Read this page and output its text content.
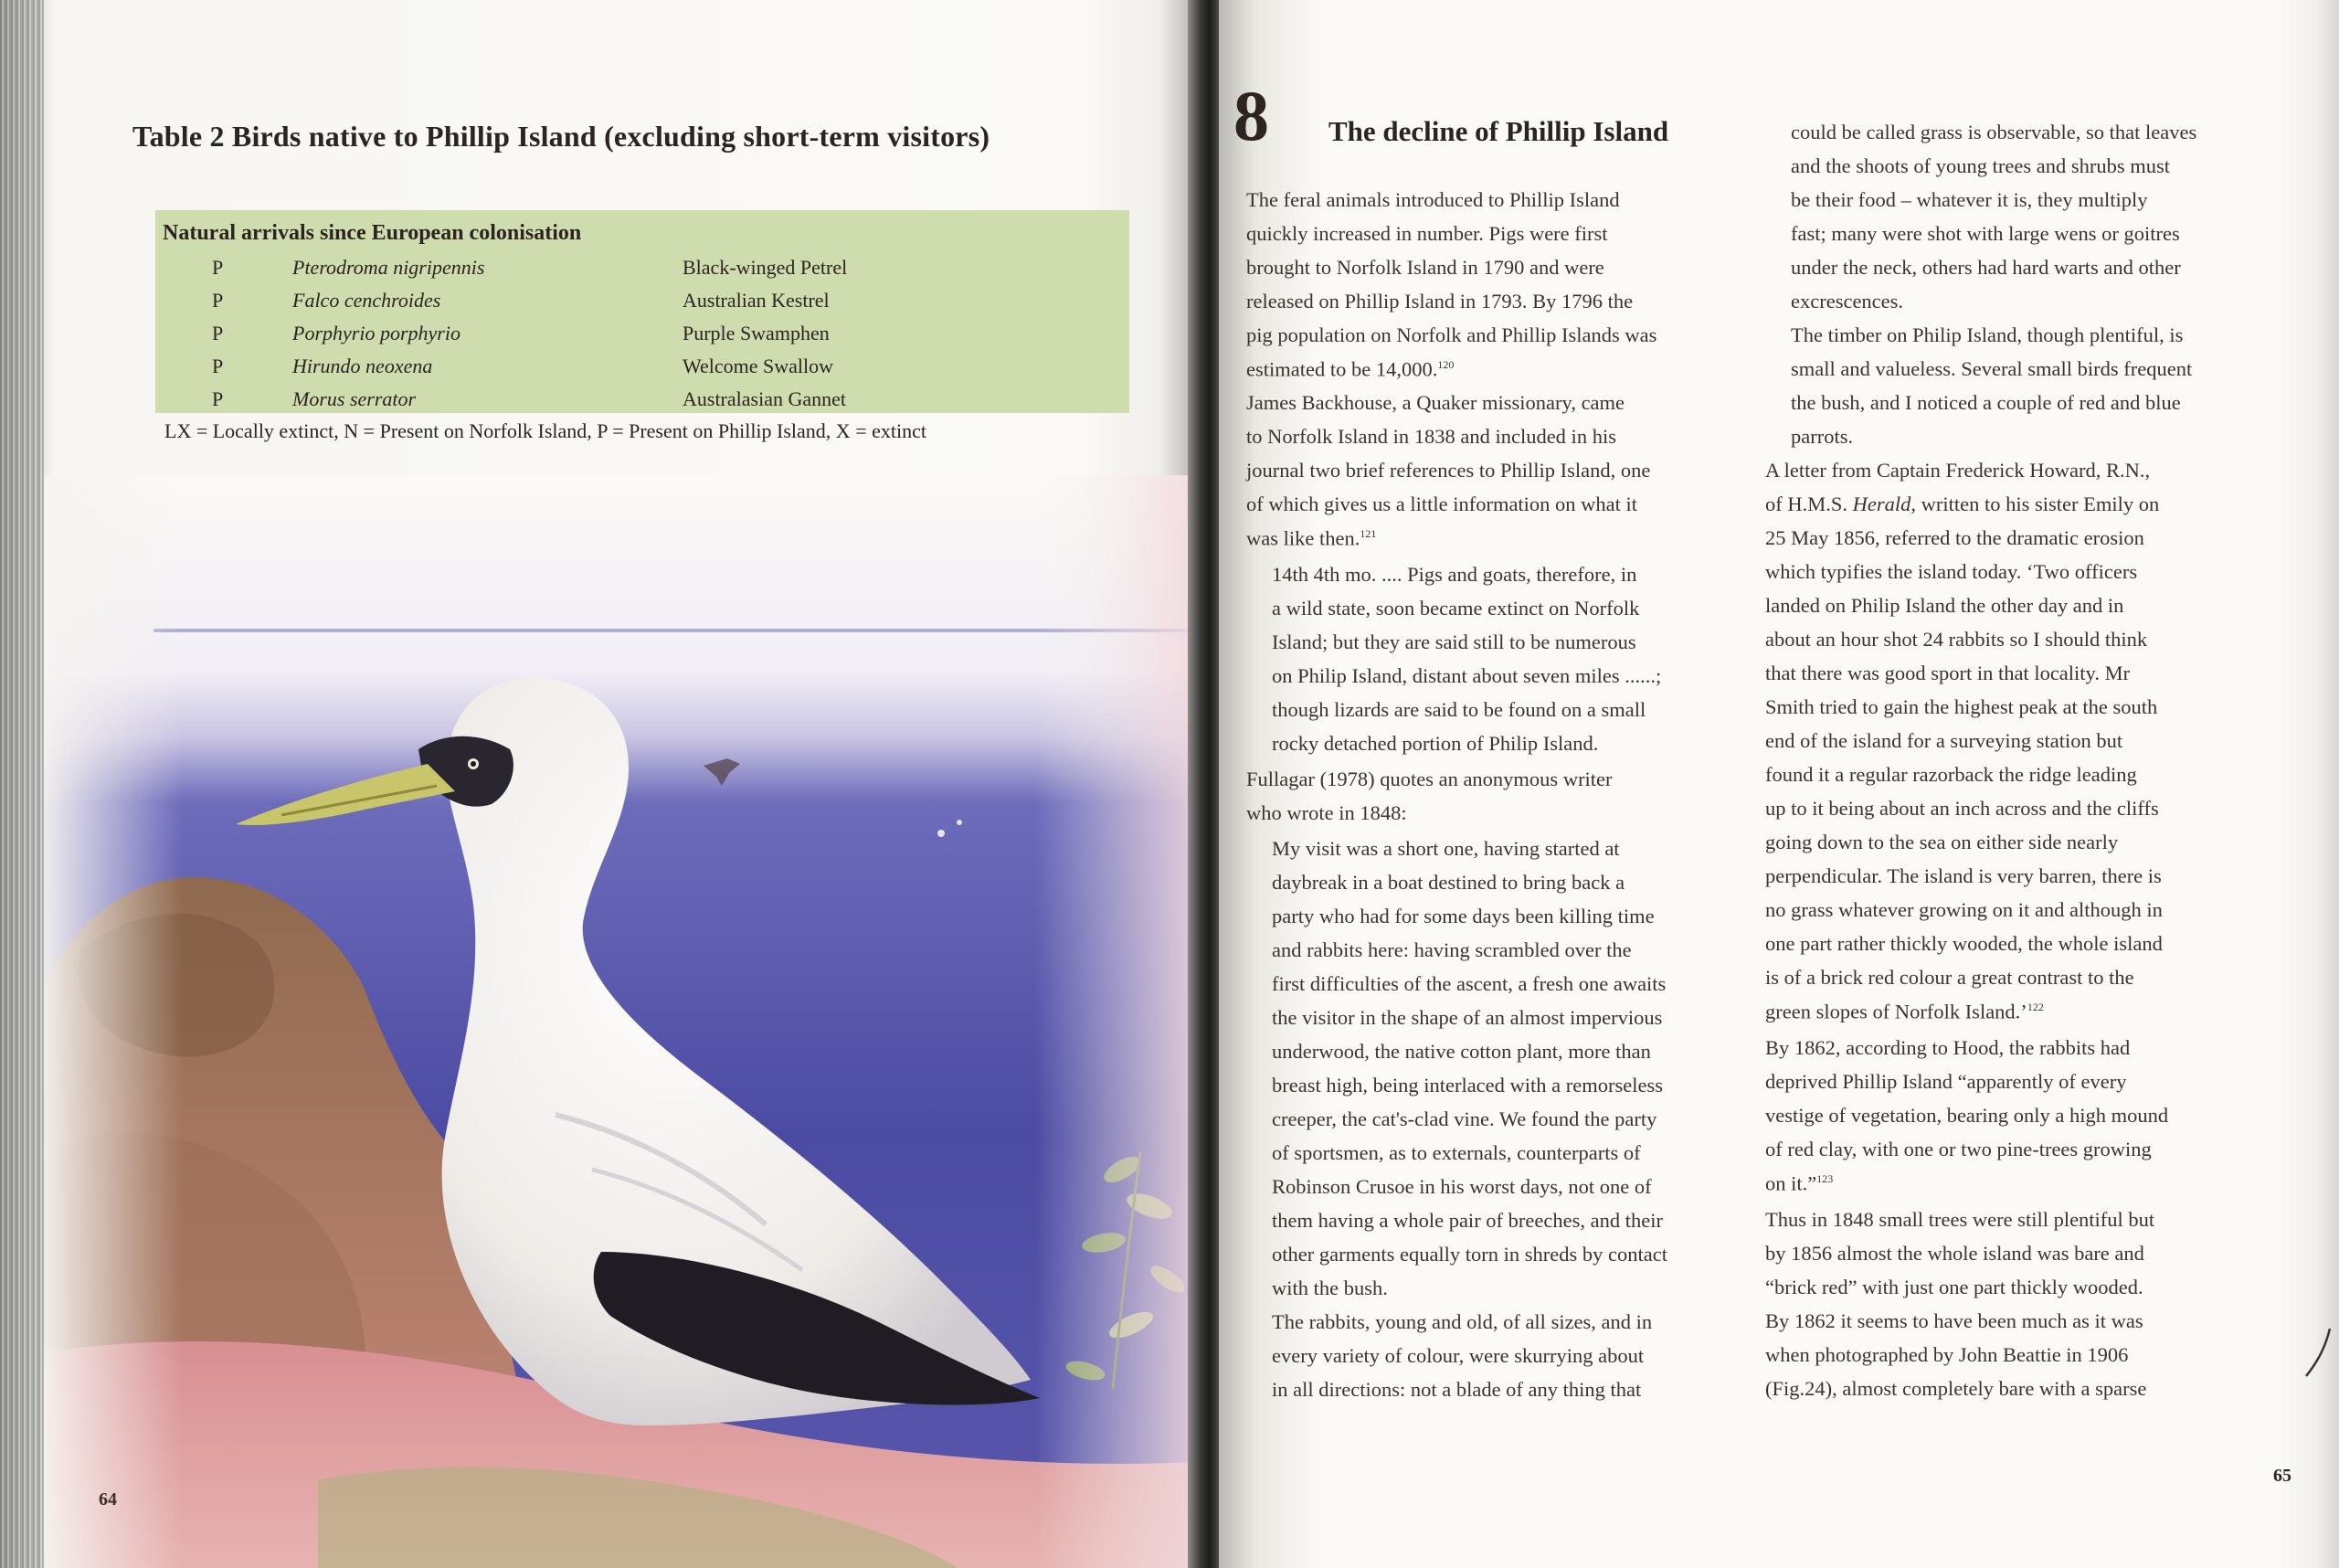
Table 2 Birds native to Phillip Island (excluding short-term visitors)
Natural arrivals since European colonisation
P	Pterodroma nigripennis	Black-winged Petrel
P	Falco cenchroides	Australian Kestrel
P	Porphyrio porphyrio	Purple Swamphen
P	Hirundo neoxena	Welcome Swallow
P	Morus serrator	Australasian Gannet
LX = Locally extinct, N = Present on Norfolk Island, P = Present on Phillip Island, X = extinct
64
8 The decline of Phillip Island
The feral animals introduced to Phillip Island
quickly increased in number. Pigs were first
brought to Norfolk Island in 1790 and were
released on Phillip Island in 1793. By 1796 the
pig population on Norfolk and Phillip Islands was
estimated to be 14,000.$^{120}$
James Backhouse, a Quaker missionary, came
to Norfolk Island in 1838 and included in his
journal two brief references to Phillip Island, one
of which gives us a little information on what it
was like then.$^{121}$
14th 4th mo. .... Pigs and goats, therefore, in
a wild state, soon became extinct on Norfolk
Island; but they are said still to be numerous
on Philip Island, distant about seven miles ......;
though lizards are said to be found on a small
rocky detached portion of Philip Island.
Fullagar (1978) quotes an anonymous writer
who wrote in 1848:
My visit was a short one, having started at
daybreak in a boat destined to bring back a
party who had for some days been killing time
and rabbits here: having scrambled over the
first difficulties of the ascent, a fresh one awaits
the visitor in the shape of an almost impervious
underwood, the native cotton plant, more than
breast high, being interlaced with a remorseless
creeper, the cat's-clad vine. We found the party
of sportsmen, as to externals, counterparts of
Robinson Crusoe in his worst days, not one of
them having a whole pair of breeches, and their
other garments equally torn in shreds by contact
with the bush.
The rabbits, young and old, of all sizes, and in
every variety of colour, were skurrying about
in all directions: not a blade of any thing that
could be called grass is observable, so that leaves
and the shoots of young trees and shrubs must
be their food – whatever it is, they multiply
fast; many were shot with large wens or goitres
under the neck, others had hard warts and other
excrescences.
The timber on Philip Island, though plentiful, is
small and valueless. Several small birds frequent
the bush, and I noticed a couple of red and blue
parrots.
A letter from Captain Frederick Howard, R.N.,
of H.M.S. Herald, written to his sister Emily on
25 May 1856, referred to the dramatic erosion
which typifies the island today. ‘Two officers
landed on Philip Island the other day and in
about an hour shot 24 rabbits so I should think
that there was good sport in that locality. Mr
Smith tried to gain the highest peak at the south
end of the island for a surveying station but
found it a regular razorback the ridge leading
up to it being about an inch across and the cliffs
going down to the sea on either side nearly
perpendicular. The island is very barren, there is
no grass whatever growing on it and although in
one part rather thickly wooded, the whole island
is of a brick red colour a great contrast to the
green slopes of Norfolk Island.’$^{122}$
By 1862, according to Hood, the rabbits had
deprived Phillip Island “apparently of every
vestige of vegetation, bearing only a high mound
of red clay, with one or two pine-trees growing
on it.”$^{123}$
Thus in 1848 small trees were still plentiful but
by 1856 almost the whole island was bare and
“brick red” with just one part thickly wooded.
By 1862 it seems to have been much as it was
when photographed by John Beattie in 1906
(Fig.24), almost completely bare with a sparse
65
